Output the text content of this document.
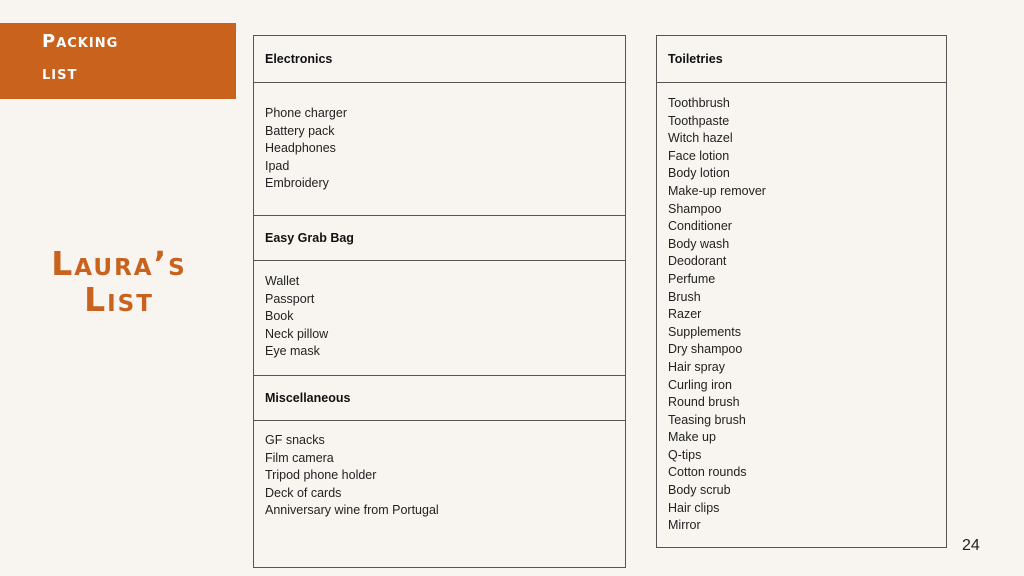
Packing
list
Laura’s
List
Electronics
Phone charger
Battery pack
Headphones
Ipad
Embroidery
Easy Grab Bag
Wallet
Passport
Book
Neck pillow
Eye mask
Miscellaneous
GF snacks
Film camera
Tripod phone holder
Deck of cards
Anniversary wine from Portugal
Toiletries
Toothbrush
Toothpaste
Witch hazel
Face lotion
Body lotion
Make-up remover
Shampoo
Conditioner
Body wash
Deodorant
Perfume
Brush
Razer
Supplements
Dry shampoo
Hair spray
Curling iron
Round brush
Teasing brush
Make up
Q-tips
Cotton rounds
Body scrub
Hair clips
Mirror
24
